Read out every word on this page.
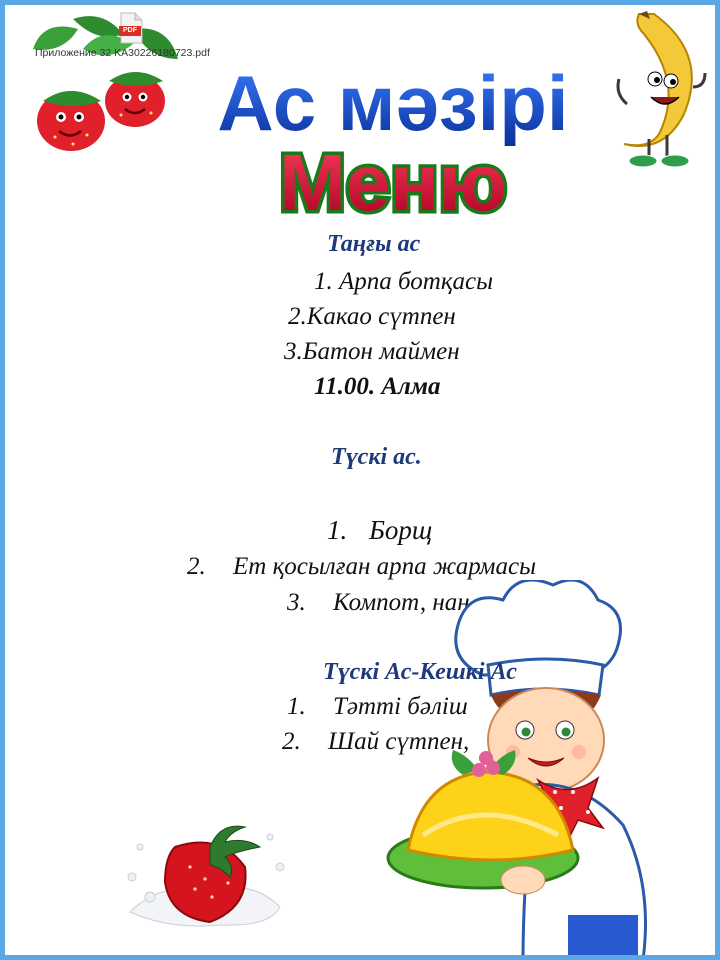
PDF
Приложение 32 KA30226180723.pdf
Ас мәзірі
Меню
Таңғы ас
1. Арпа ботқасы
2.Какао сүтпен
3.Батон маймен
11.00. Алма
Түскі ас.
1. Борщ
2. Ет қосылған арпа жармасы
3. Компот, нан
Түскі Ас-Кешкі Ас
1. Тәтті бәліш
2. Шай сүтпен,
